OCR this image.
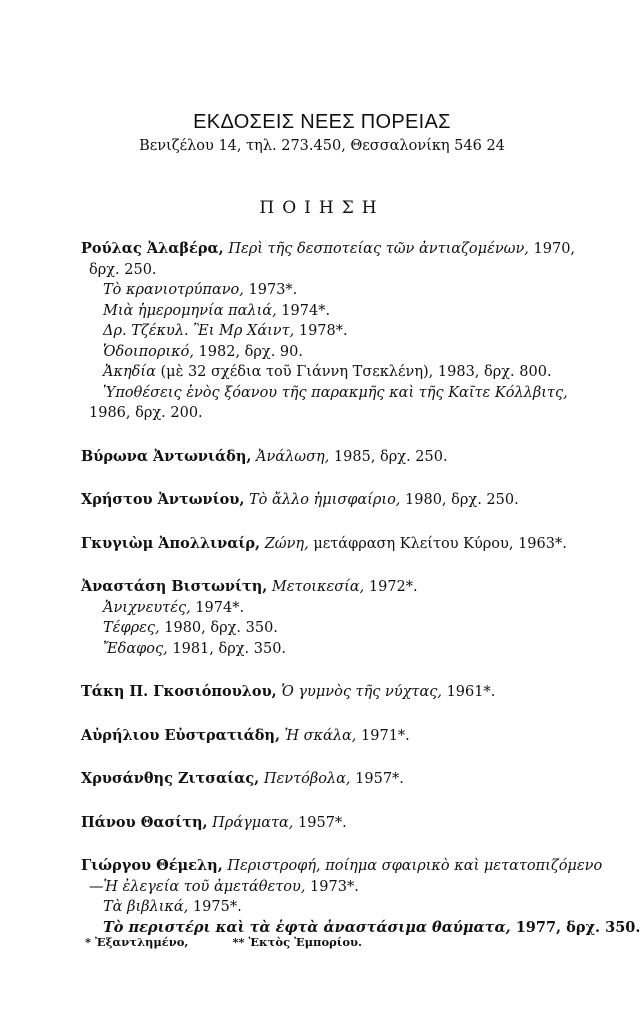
ΕΚΔΟΣΕΙΣ ΝΕΕΣ ΠΟΡΕΙΑΣ
Βενιζέλου 14, τηλ. 273.450, Θεσσαλονίκη 546 24
ΠΟΙΗΣΗ
Ρούλας Ἀλαβέρα, Περὶ τῆς δεσποτείας τῶν ἀντιαζομένων, 1970,
δρχ. 250.
Τὸ κρανιοτρύπανο, 1973*.
Μιὰ ἡμερομηνία παλιά, 1974*.
Δρ. Τζέκυλ. Ἒι Μρ Χάιντ, 1978*.
Ὁδοιπορικό, 1982, δρχ. 90.
Ἀκηδία (μὲ 32 σχέδια τοῦ Γιάννη Τσεκλένη), 1983, δρχ. 800.
Ὑποθέσεις ἑνὸς ξόανου τῆς παρακμῆς καὶ τῆς Καῖτε Κόλλβιτς,
1986, δρχ. 200.
Βύρωνα Ἀντωνιάδη, Ἀνάλωση, 1985, δρχ. 250.
Χρήστου Ἀντωνίου, Τὸ ἄλλο ἡμισφαίριο, 1980, δρχ. 250.
Γκυγιὼμ Ἀπολλιναίρ, Ζώνη, μετάφραση Κλείτου Κύρου, 1963*.
Ἀναστάση Βιστωνίτη, Μετοικεσία, 1972*.
Ἀνιχνευτές, 1974*.
Τέφρες, 1980, δρχ. 350.
Ἔδαφος, 1981, δρχ. 350.
Τάκη Π. Γκοσιόπουλου, Ὁ γυμνὸς τῆς νύχτας, 1961*.
Αὐρήλιου Εὐστρατιάδη, Ἡ σκάλα, 1971*.
Χρυσάνθης Ζιτσαίας, Πεντόβολα, 1957*.
Πάνου Θασίτη, Πράγματα, 1957*.
Γιώργου Θέμελη, Περιστροφή, ποίημα σφαιρικὸ καὶ μετατοπιζόμενο
—Ἡ ἐλεγεία τοῦ ἀμετάθετου, 1973*.
Τὰ βιβλικά, 1975*.
Τὸ περιστέρι καὶ τὰ ἑφτὰ ἀναστάσιμα θαύματα, 1977, δρχ. 350.
* Ἐξαντλημένο,	** Ἐκτὸς Ἐμπορίου.
